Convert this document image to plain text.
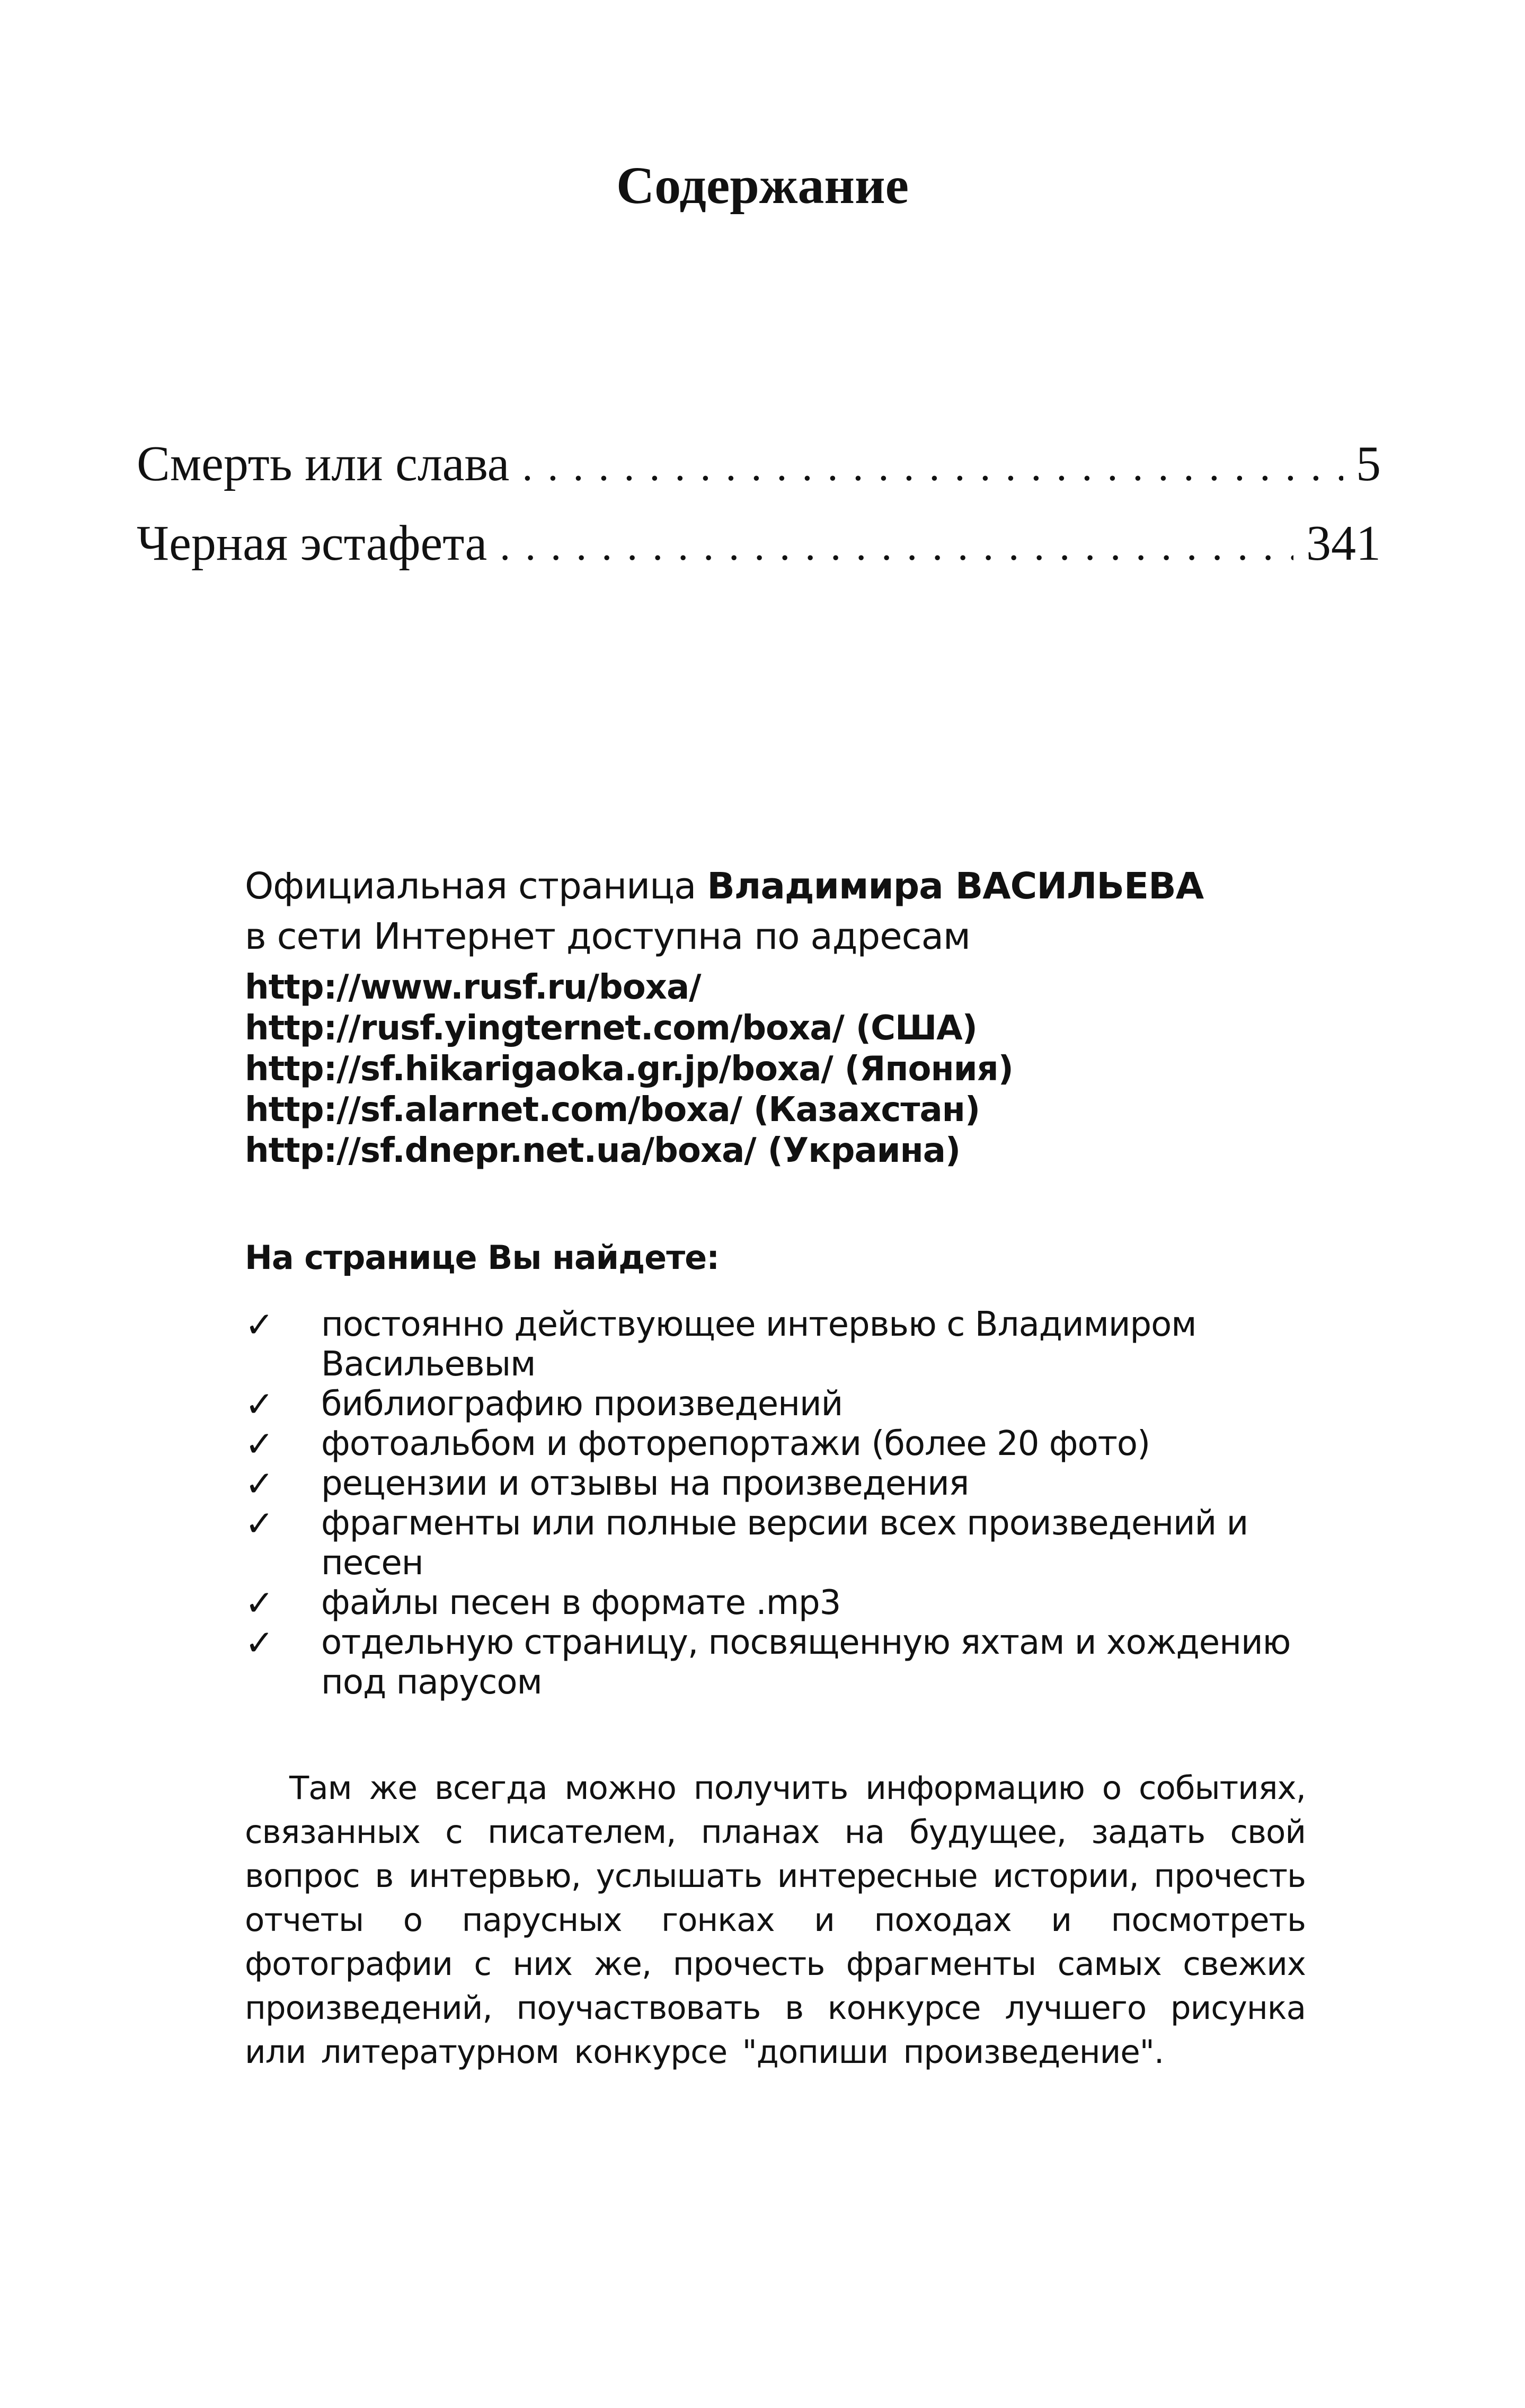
Содержание
Смерть или слава . . .	5
Черная эстафета . . .	341

Официальная страница Владимира ВАСИЛЬЕВА

в сети Интернет доступна по адресам

http://www.rusf.ru/boxa/
http://rusf.yingternet.com/boxa/ (США)
http://sf.hikarigaoka.gr.jp/boxa/ (Япония)
http://sf.alarnet.com/boxa/ (Казахстан)
http://sf.dnepr.net.ua/boxa/ (Украина)
На странице Вы найдете:
✓	постоянно действующее интервью с Владимиром Васильевым
✓	библиографию произведений
✓	фотоальбом и фоторепортажи (более 20 фото)
✓	рецензии и отзывы на произведения
✓	фрагменты или полные версии всех произведений и песен
✓	файлы песен в формате .mp3
✓	отдельную страницу, посвященную яхтам и хождению под парусом

Там же всегда можно получить информацию о событиях, связанных с писателем, планах на будущее, задать свой вопрос в интервью, услышать интересные истории, прочесть отчеты о парусных гонках и походах и посмотреть фотографии с них же, прочесть фрагменты самых свежих произведений, поучаствовать в конкурсе лучшего рисунка или литературном конкурсе "допиши произведение".
